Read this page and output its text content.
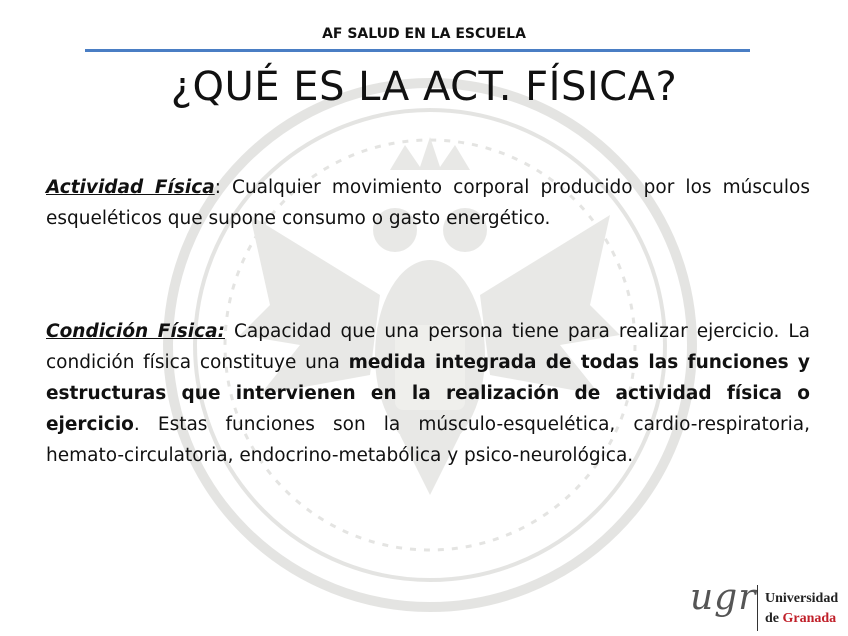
AF SALUD EN LA ESCUELA
¿QUÉ ES LA ACT. FÍSICA?

Actividad Física: Cualquier movimiento corporal producido por los músculos esqueléticos que supone consumo o gasto energético.

Condición Física: Capacidad que una persona tiene para realizar ejercicio. La condición física constituye una medida integrada de todas las funciones y estructuras que intervienen en la realización de actividad física o ejercicio. Estas funciones son la músculo-esquelética, cardio-respiratoria, hemato-circulatoria, endocrino-metabólica y psico-neurológica.

ugr Universidad
de Granada
